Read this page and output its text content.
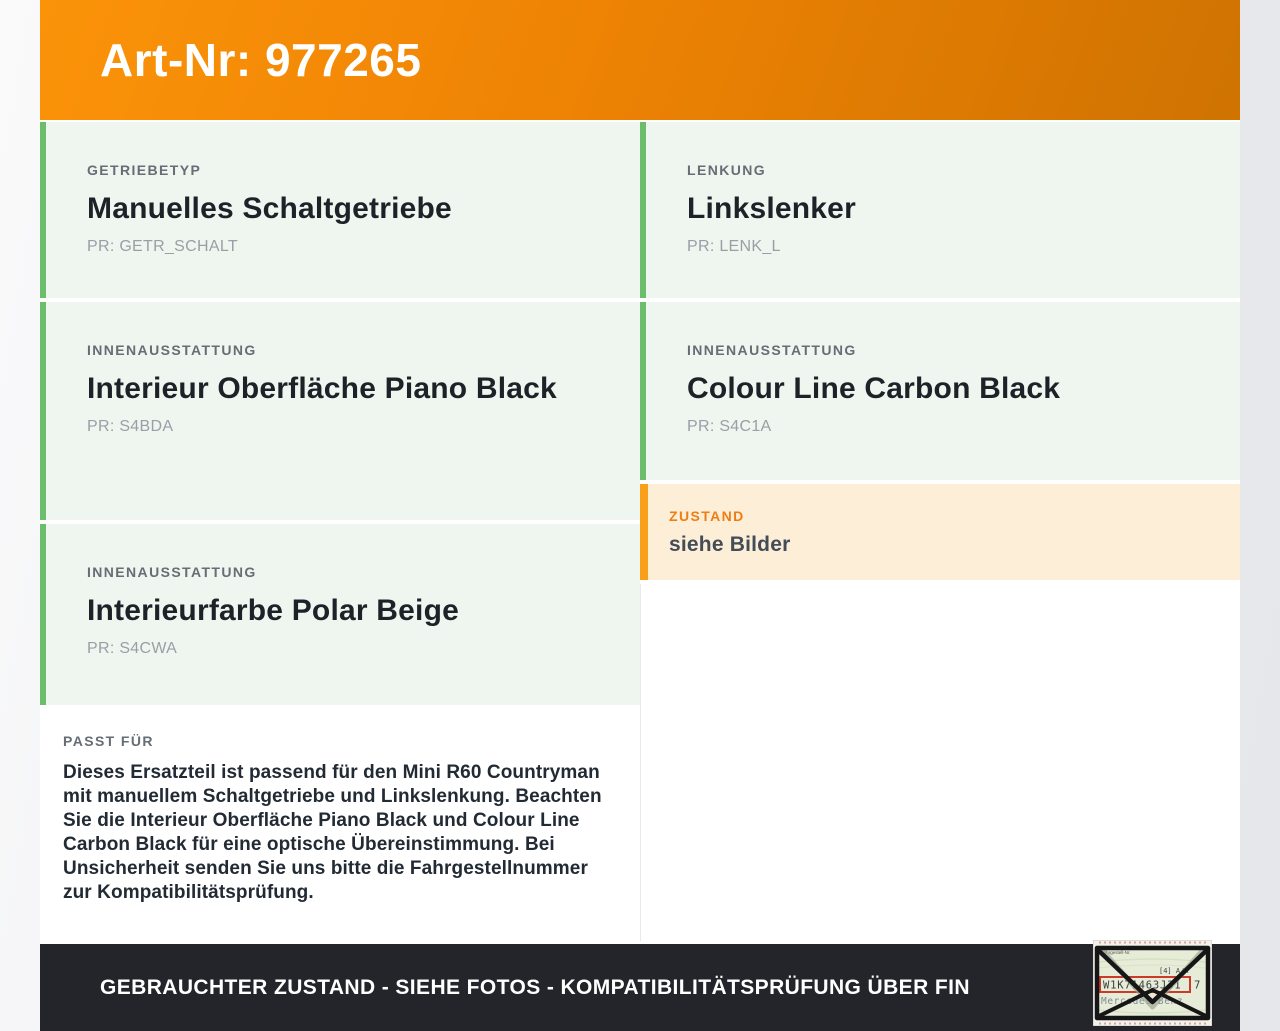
Art-Nr: 977265
GETRIEBETYP
Manuelles Schaltgetriebe
PR: GETR_SCHALT
INNENAUSSTATTUNG
Interieur Oberfläche Piano Black
PR: S4BDA
INNENAUSSTATTUNG
Interieurfarbe Polar Beige
PR: S4CWA
PASST FÜR

Dieses Ersatzteil ist passend für den Mini R60 Countryman mit manuellem Schaltgetriebe und Linkslenkung. Beachten Sie die Interieur Oberfläche Piano Black und Colour Line Carbon Black für eine optische Übereinstimmung. Bei Unsicherheit senden Sie uns bitte die Fahrgestellnummer zur Kompatibilitätsprüfung.

LENKUNG
Linkslenker
PR: LENK_L
INNENAUSSTATTUNG
Colour Line Carbon Black
PR: S4C1A
ZUSTAND
siehe Bilder
GEBRAUCHTER ZUSTAND - SIEHE FOTOS - KOMPATIBILITÄTSPRÜFUNG ÜBER FIN
Fahrgestell-Nr.
[4] A/A
W1K71463J31 7
Mercedes-Benz
